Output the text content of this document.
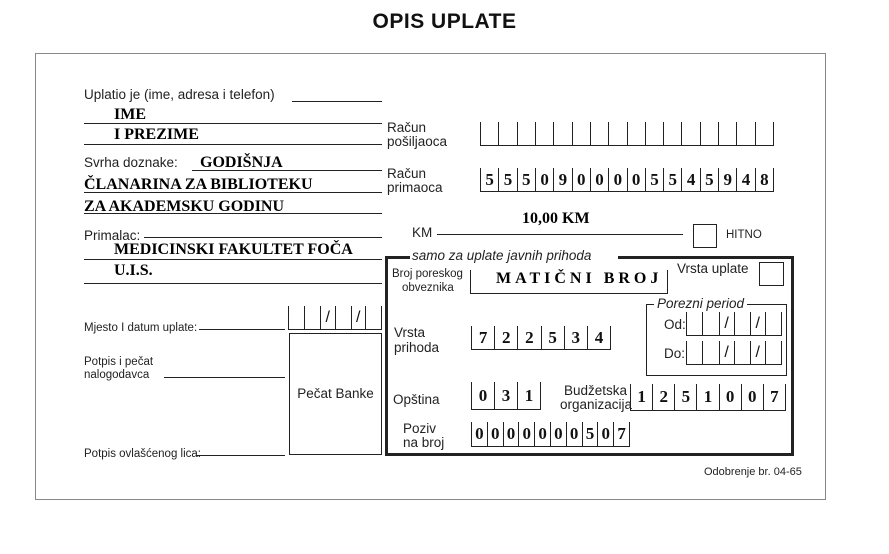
OPIS UPLATE
Uplatio je (ime, adresa i telefon)
IME
I PREZIME
Svrha doznake: GODIŠNJA
ČLANARINA ZA BIBLIOTEKU
ZA AKADEMSKU GODINU
Primalac:
MEDICINSKI FAKULTET FOČA
U.I.S.
Mjesto I datum uplate:
/	/
Potpis i pečat
nalogodavca
Pečat Banke
Potpis ovlašćenog lica:
Račun
pošiljaoca
Račun
primaoca	5 5 5 0 9 0 0 0 0 5 5 4 5 9 4 8
KM
10,00 KM
HITNO
samo za uplate javnih prihoda
Broj poreskog
obveznika
MATIČNI BROJ
Vrsta uplate
Porezni period
Od: /	/
Do: /	/
Vrsta
prihoda
7 2 2 5 3 4
Opština	0 3 1	Budžetska
organizacija 1 2 5 1 0 0 7
Poziv
na broj 0 0 0 0 0 0 0 5 0 7
Odobrenje br. 04-65
